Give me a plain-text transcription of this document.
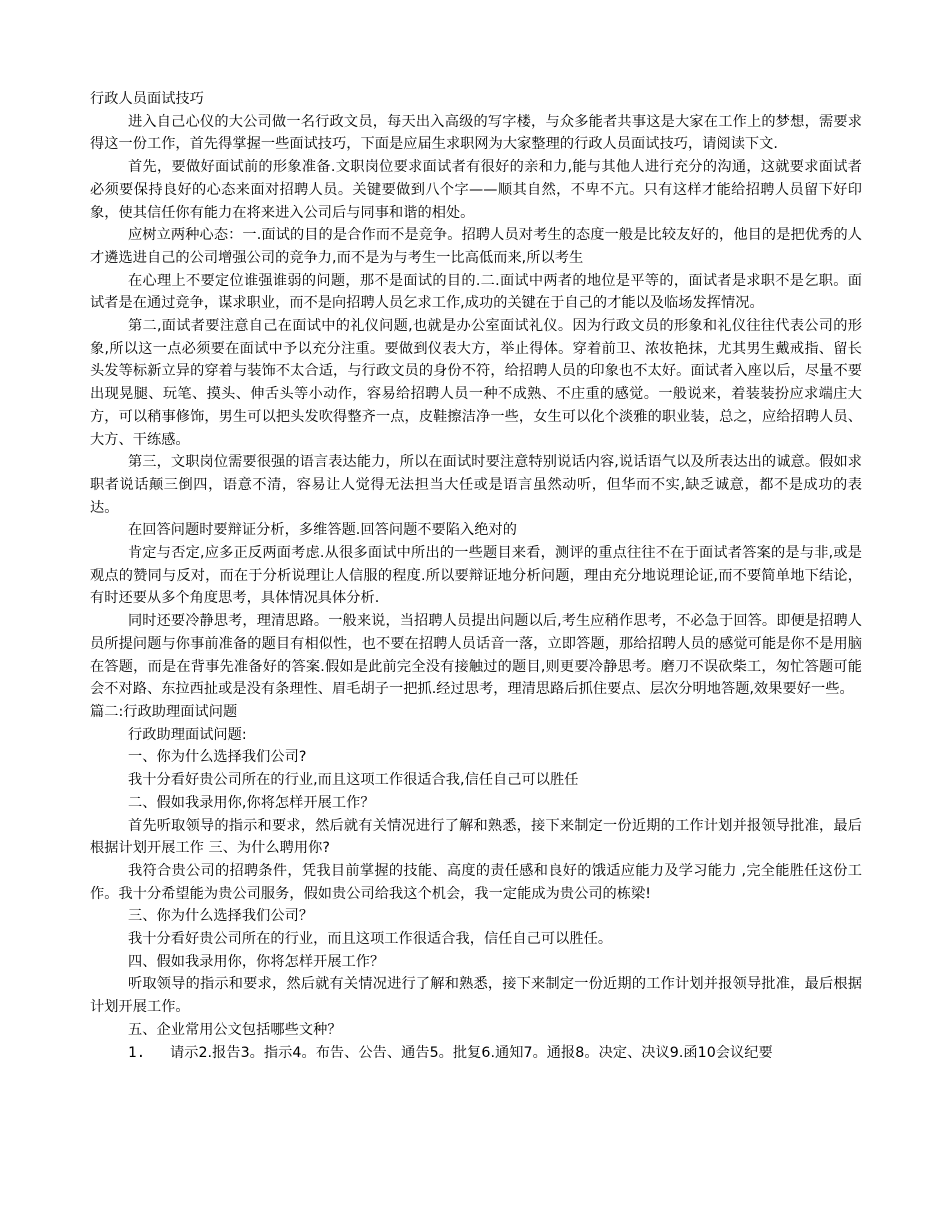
行政人员面试技巧

进入自己心仪的大公司做一名行政文员，每天出入高级的写字楼，与众多能者共事这是大家在工作上的梦想，需要求得这一份工作，首先得掌握一些面试技巧，下面是应届生求职网为大家整理的行政人员面试技巧，请阅读下文.

首先，要做好面试前的形象准备.文职岗位要求面试者有很好的亲和力,能与其他人进行充分的沟通，这就要求面试者必须要保持良好的心态来面对招聘人员。关键要做到八个字——顺其自然，不卑不亢。只有这样才能给招聘人员留下好印象，使其信任你有能力在将来进入公司后与同事和谐的相处。

应树立两种心态：一.面试的目的是合作而不是竞争。招聘人员对考生的态度一般是比较友好的，他目的是把优秀的人才遴选进自己的公司增强公司的竞争力,而不是为与考生一比高低而来,所以考生

在心理上不要定位谁强谁弱的问题，那不是面试的目的.二.面试中两者的地位是平等的，面试者是求职不是乞职。面试者是在通过竞争，谋求职业，而不是向招聘人员乞求工作,成功的关键在于自己的才能以及临场发挥情况。

第二,面试者要注意自己在面试中的礼仪问题,也就是办公室面试礼仪。因为行政文员的形象和礼仪往往代表公司的形象,所以这一点必须要在面试中予以充分注重。要做到仪表大方，举止得体。穿着前卫、浓妆艳抹，尤其男生戴戒指、留长头发等标新立异的穿着与装饰不太合适，与行政文员的身份不符，给招聘人员的印象也不太好。面试者入座以后，尽量不要出现晃腿、玩笔、摸头、伸舌头等小动作，容易给招聘人员一种不成熟、不庄重的感觉。一般说来，着装装扮应求端庄大方，可以稍事修饰，男生可以把头发吹得整齐一点，皮鞋擦洁净一些，女生可以化个淡雅的职业装，总之，应给招聘人员、大方、干练感。

第三，文职岗位需要很强的语言表达能力，所以在面试时要注意特别说话内容,说话语气以及所表达出的诚意。假如求职者说话颠三倒四，语意不清，容易让人觉得无法担当大任或是语言虽然动听，但华而不实,缺乏诚意，都不是成功的表达。

在回答问题时要辩证分析，多维答题.回答问题不要陷入绝对的

肯定与否定,应多正反两面考虑.从很多面试中所出的一些题目来看，测评的重点往往不在于面试者答案的是与非,或是观点的赞同与反对，而在于分析说理让人信服的程度.所以要辩证地分析问题，理由充分地说理论证,而不要简单地下结论，有时还要从多个角度思考，具体情况具体分析.

同时还要冷静思考，理清思路。一般来说，当招聘人员提出问题以后,考生应稍作思考，不必急于回答。即便是招聘人员所提问题与你事前准备的题目有相似性，也不要在招聘人员话音一落，立即答题，那给招聘人员的感觉可能是你不是用脑在答题，而是在背事先准备好的答案.假如是此前完全没有接触过的题目,则更要冷静思考。磨刀不误砍柴工，匆忙答题可能会不对路、东拉西扯或是没有条理性、眉毛胡子一把抓.经过思考，理清思路后抓住要点、层次分明地答题,效果要好一些。

篇二:行政助理面试问题

行政助理面试问题:

一、你为什么选择我们公司?

我十分看好贵公司所在的行业,而且这项工作很适合我,信任自己可以胜任

二、假如我录用你,你将怎样开展工作？

首先听取领导的指示和要求，然后就有关情况进行了解和熟悉，接下来制定一份近期的工作计划并报领导批准，最后根据计划开展工作 三、为什么聘用你?

我符合贵公司的招聘条件，凭我目前掌握的技能、高度的责任感和良好的饿适应能力及学习能力 ,完全能胜任这份工作。我十分希望能为贵公司服务，假如贵公司给我这个机会，我一定能成为贵公司的栋梁!

三、你为什么选择我们公司？

我十分看好贵公司所在的行业，而且这项工作很适合我，信任自己可以胜任。

四、假如我录用你，你将怎样开展工作？

听取领导的指示和要求，然后就有关情况进行了解和熟悉，接下来制定一份近期的工作计划并报领导批准，最后根据计划开展工作。

五、企业常用公文包括哪些文种？

1.	请示2.报告3。指示4。布告、公告、通告5。批复6.通知7。通报8。决定、决议9.函10会议纪要
